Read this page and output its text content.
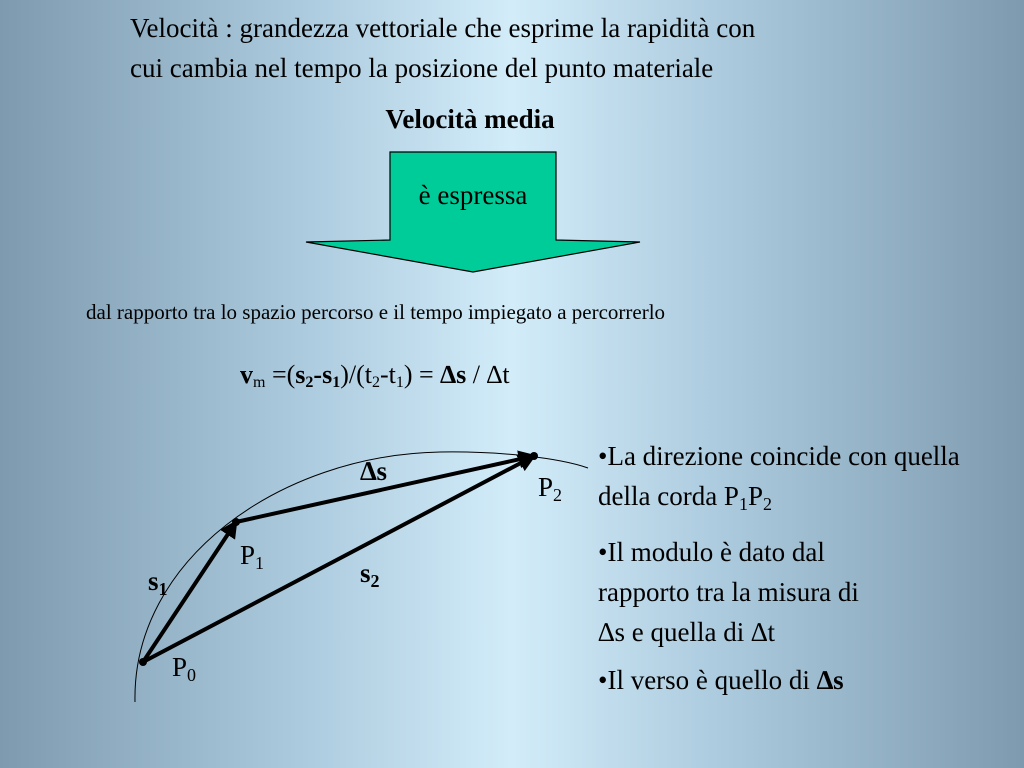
Velocità : grandezza vettoriale che esprime la rapidità con
cui cambia nel tempo la posizione del punto materiale
Velocità media
è espressa
dal rapporto tra lo spazio percorso e il tempo impiegato a percorrerlo
$v_m =(s_2-s_1)/(t_2-t_1) = \Delta s / \Delta t$
$P_0$
$P_1$
$P_2$
$s_1$
$s_2$
∆s	•La direzione coincide con quella della corda $P_1P_2$
•Il modulo è dato dal
rapporto tra la misura di
∆s e quella di ∆t
•Il verso è quello di ∆s
